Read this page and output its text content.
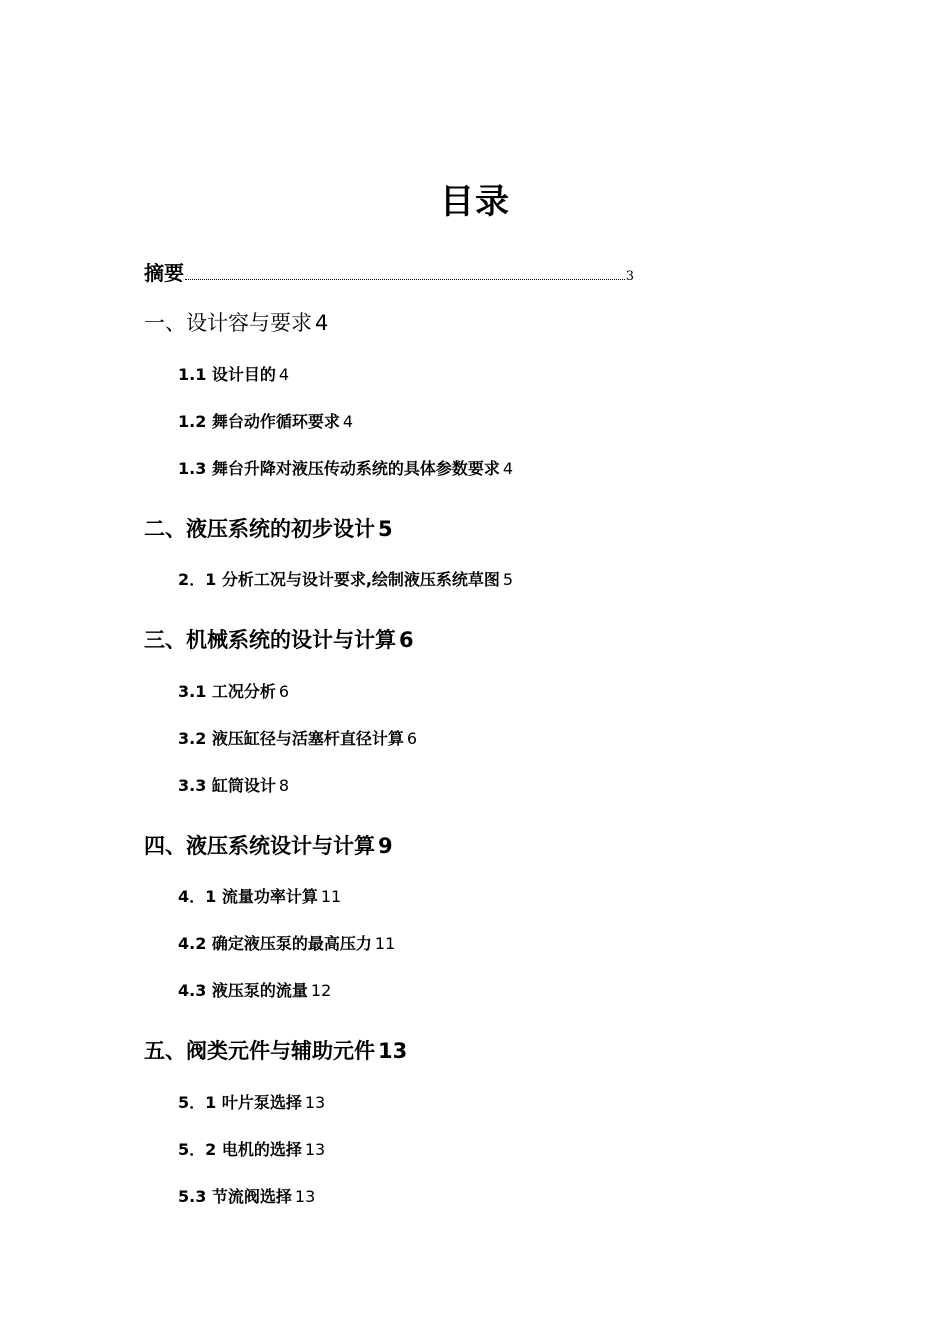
目录
摘要	3
一、设计容与要求 4
1.1 设计目的 4
1.2 舞台动作循环要求 4
1.3 舞台升降对液压传动系统的具体参数要求 4
二、液压系统的初步设计 5
2．1 分析工况与设计要求,绘制液压系统草图 5
三、机械系统的设计与计算 6
3.1 工况分析 6
3.2 液压缸径与活塞杆直径计算 6
3.3 缸筒设计 8
四、液压系统设计与计算 9
4．1 流量功率计算 11
4.2 确定液压泵的最高压力 11
4.3 液压泵的流量 12
五、阀类元件与辅助元件 13
5．1 叶片泵选择 13
5．2 电机的选择 13
5.3 节流阀选择 13
